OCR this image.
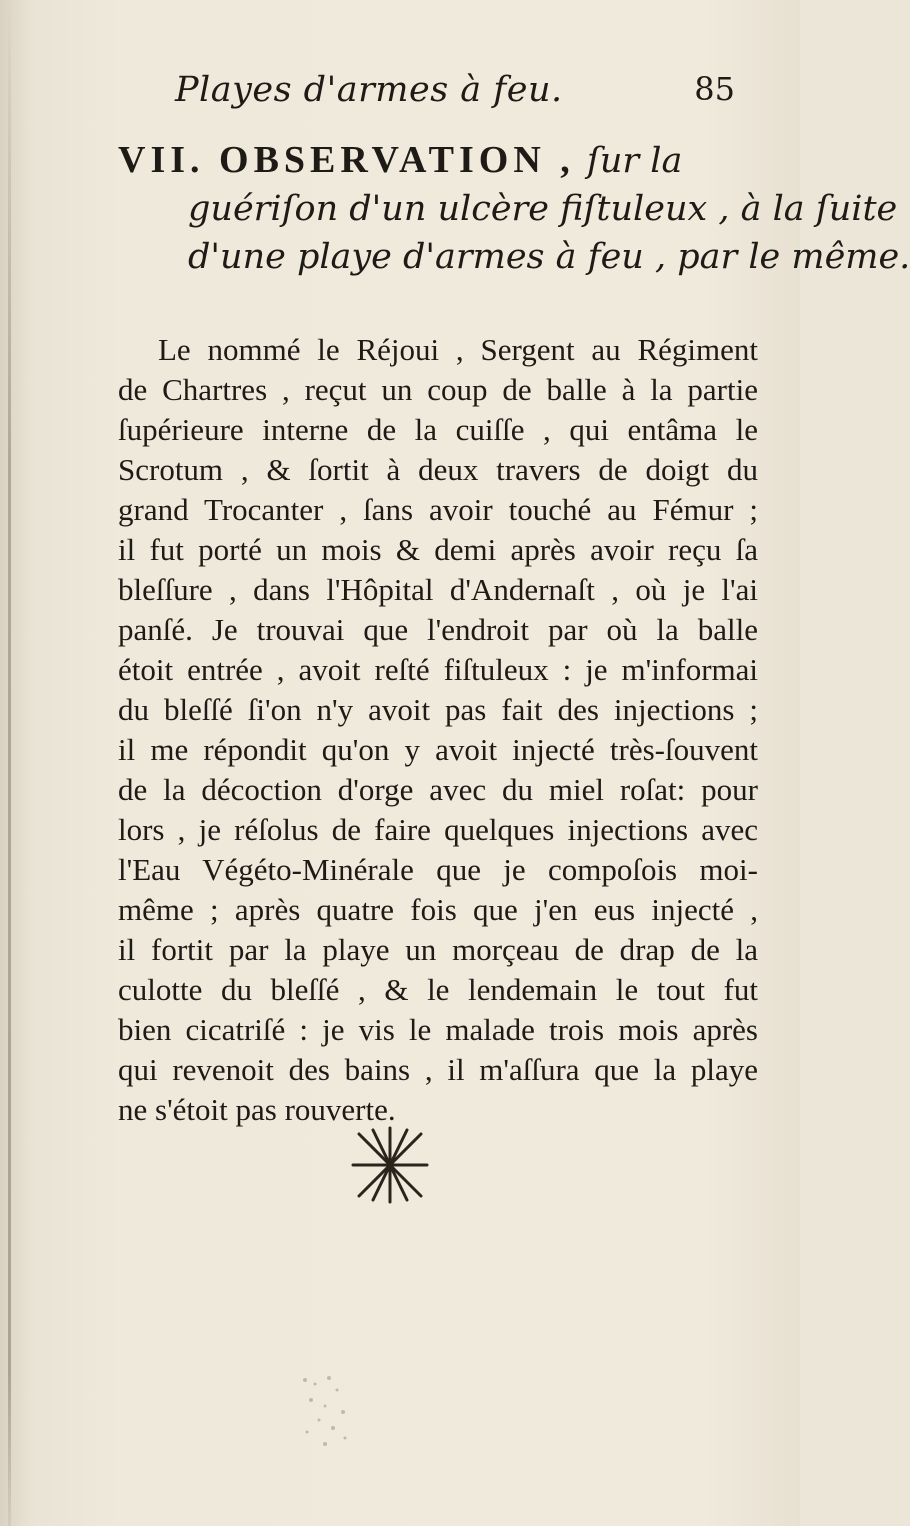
Playes d'armes à feu.	85
VII. OBSERVATION , ſur la
guériſon d'un ulcère fiſtuleux , à la ſuite
d'une playe d'armes à feu , par le même.
Le nommé le Réjoui , Sergent au Régiment
de Chartres , reçut un coup de balle à la partie
ſupérieure interne de la cuiſſe , qui entâma le
Scrotum , & ſortit à deux travers de doigt du
grand Trocanter , ſans avoir touché au Fémur ;
il fut porté un mois & demi après avoir reçu ſa
bleſſure , dans l'Hôpital d'Andernaſt , où je l'ai
panſé. Je trouvai que l'endroit par où la balle
étoit entrée , avoit reſté fiſtuleux : je m'informai
du bleſſé ſi'on n'y avoit pas fait des injections ;
il me répondit qu'on y avoit injecté très-ſouvent
de la décoction d'orge avec du miel roſat: pour
lors , je réſolus de faire quelques injections avec
l'Eau Végéto-Minérale que je compoſois moi-
même ; après quatre fois que j'en eus injecté ,
il fortit par la playe un morçeau de drap de la
culotte du bleſſé , & le lendemain le tout fut
bien cicatriſé : je vis le malade trois mois après
qui revenoit des bains , il m'aſſura que la playe
ne s'étoit pas rouverte.
